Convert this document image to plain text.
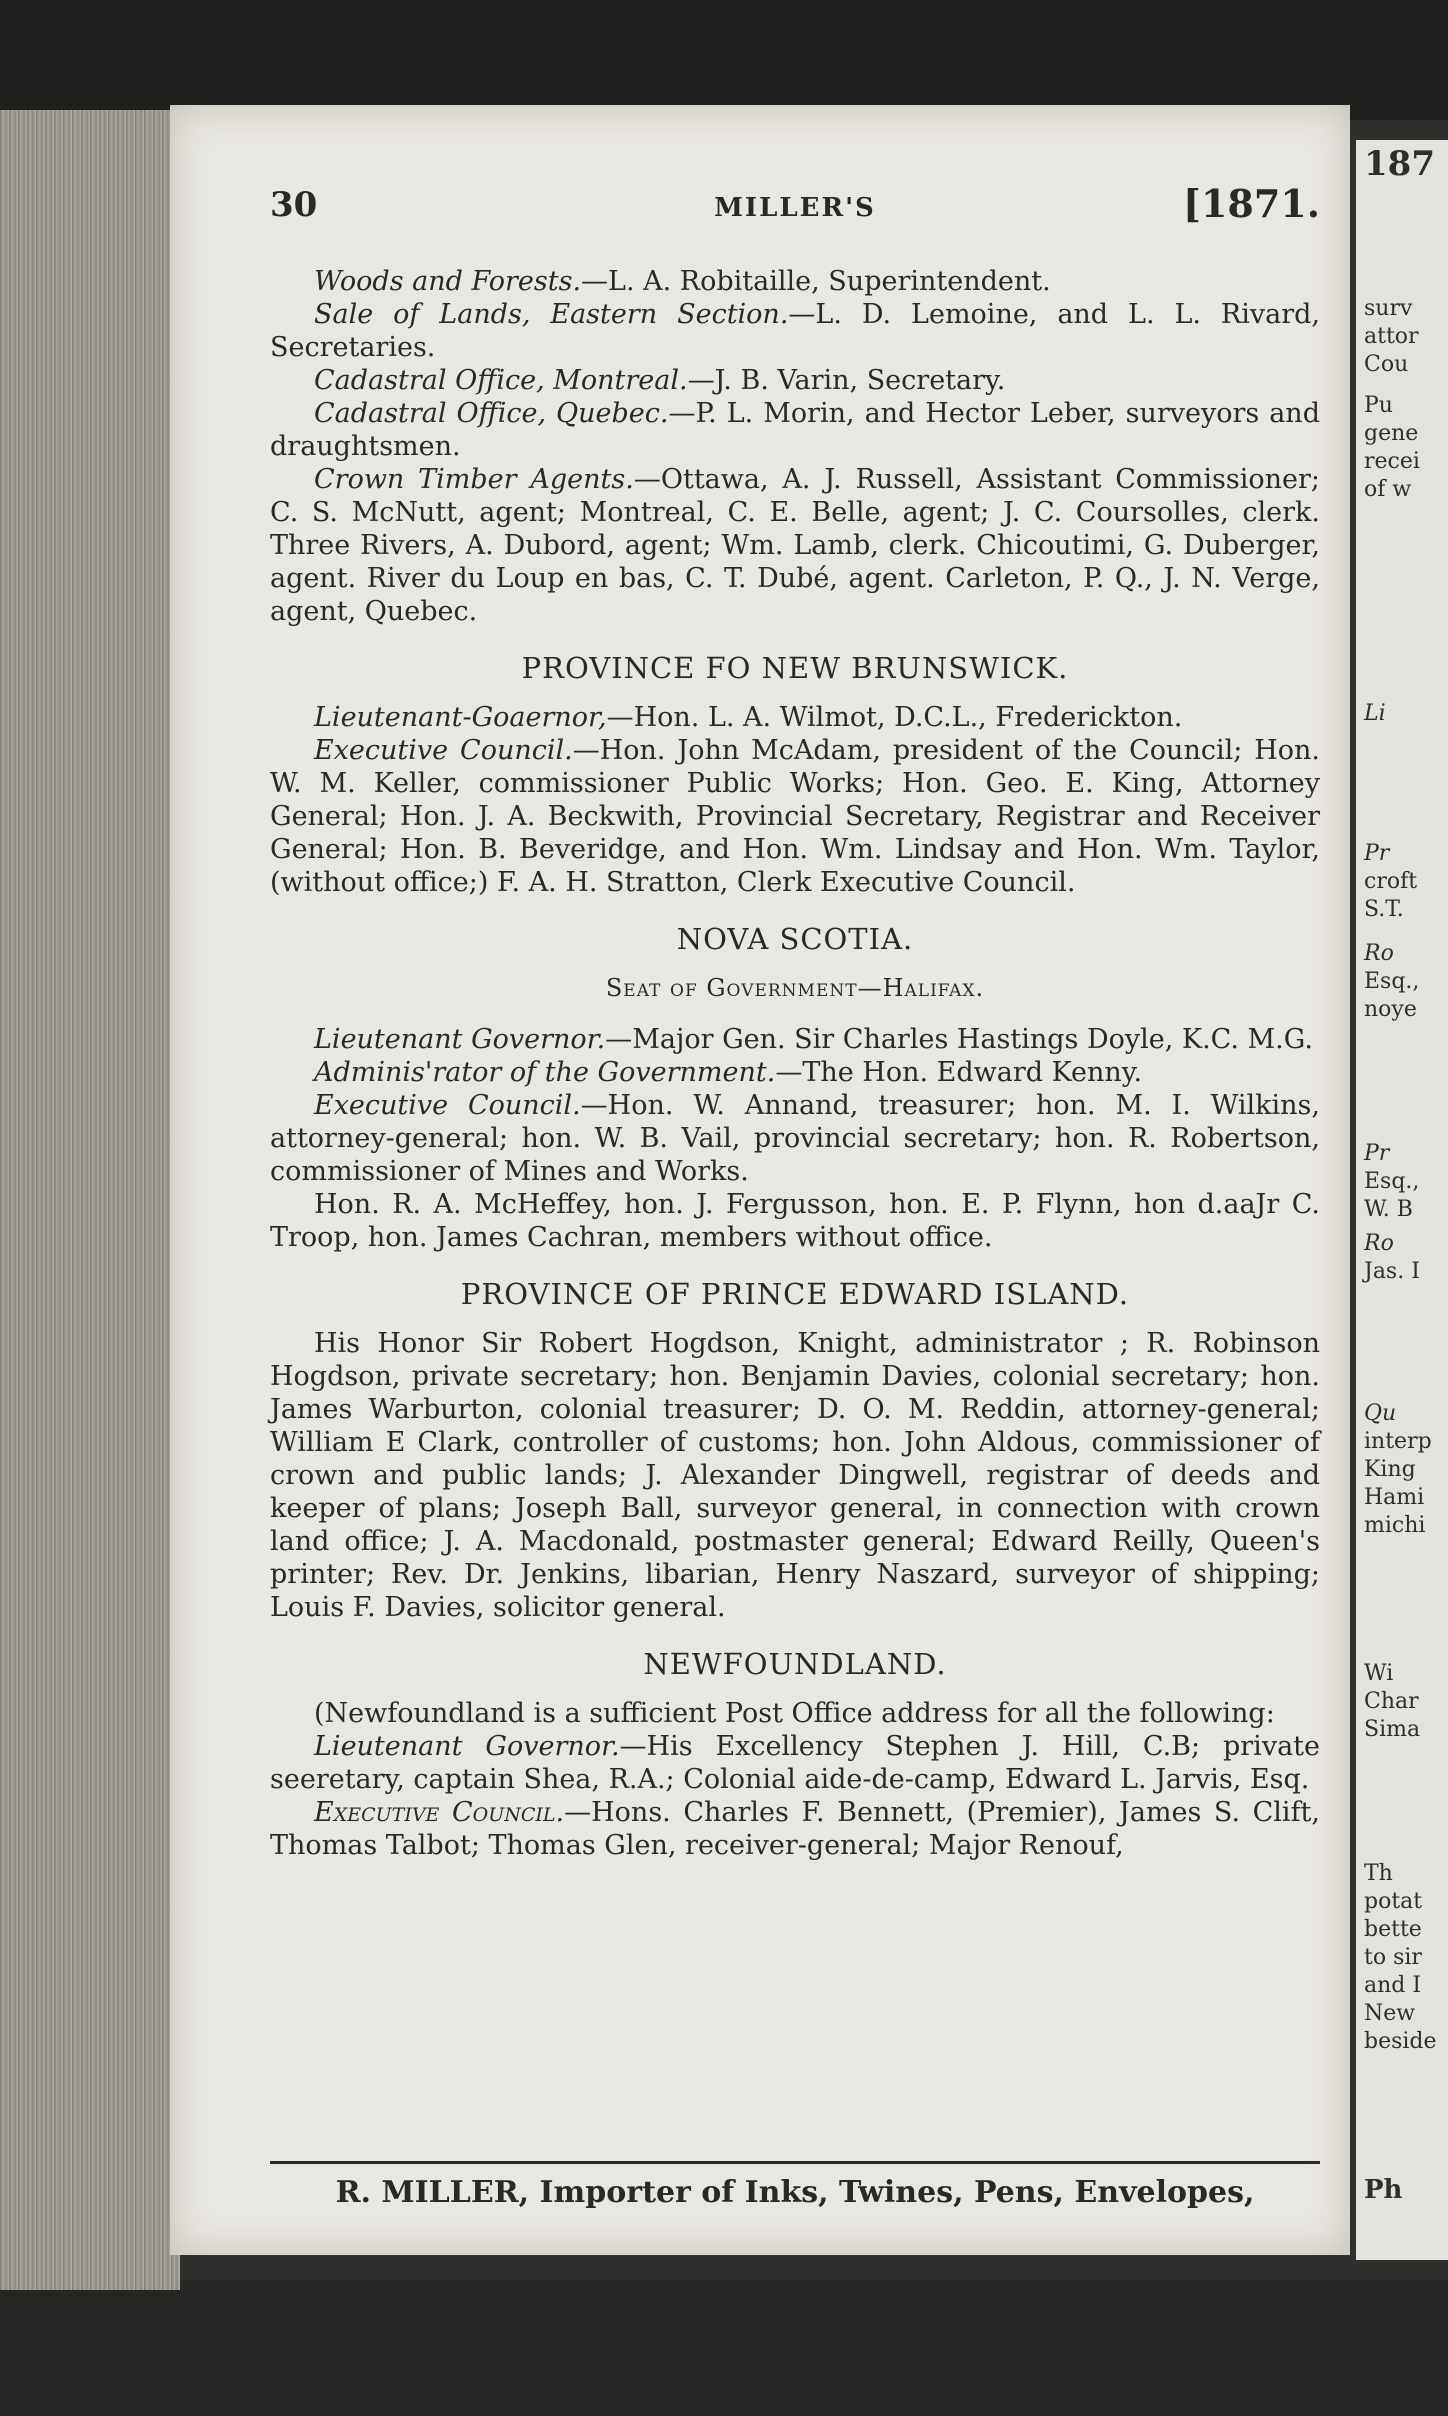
30	MILLER'S	[1871.

Woods and Forests.—L. A. Robitaille, Superintendent.

Sale of Lands, Eastern Section.—L. D. Lemoine, and L. L. Rivard, Secretaries.

Cadastral Office, Montreal.—J. B. Varin, Secretary.

Cadastral Office, Quebec.—P. L. Morin, and Hector Leber, surveyors and draughtsmen.

Crown Timber Agents.—Ottawa, A. J. Russell, Assistant Commissioner; C. S. McNutt, agent; Montreal, C. E. Belle, agent; J. C. Coursolles, clerk. Three Rivers, A. Dubord, agent; Wm. Lamb, clerk. Chicoutimi, G. Duberger, agent. River du Loup en bas, C. T. Dubé, agent. Carleton, P. Q., J. N. Verge, agent, Quebec.

PROVINCE FO NEW BRUNSWICK.

Lieutenant-Goaernor,—Hon. L. A. Wilmot, D.C.L., Frederickton.

Executive Council.—Hon. John McAdam, president of the Council; Hon. W. M. Keller, commissioner Public Works; Hon. Geo. E. King, Attorney General; Hon. J. A. Beckwith, Provincial Secretary, Registrar and Receiver General; Hon. B. Beveridge, and Hon. Wm. Lindsay and Hon. Wm. Taylor, (without office;) F. A. H. Stratton, Clerk Executive Council.

NOVA SCOTIA.
Seat of Government—Halifax.

Lieutenant Governor.—Major Gen. Sir Charles Hastings Doyle, K.C. M.G.

Adminis'rator of the Government.—The Hon. Edward Kenny.

Executive Council.—Hon. W. Annand, treasurer; hon. M. I. Wilkins, attorney-general; hon. W. B. Vail, provincial secretary; hon. R. Robertson, commissioner of Mines and Works.

Hon. R. A. McHeffey, hon. J. Fergusson, hon. E. P. Flynn, hon d.aaJr C. Troop, hon. James Cachran, members without office.

PROVINCE OF PRINCE EDWARD ISLAND.

His Honor Sir Robert Hogdson, Knight, administrator ; R. Robinson Hogdson, private secretary; hon. Benjamin Davies, colonial secretary; hon. James Warburton, colonial treasurer; D. O. M. Reddin, attorney-general; William E Clark, controller of customs; hon. John Aldous, commissioner of crown and public lands; J. Alexander Dingwell, registrar of deeds and keeper of plans; Joseph Ball, surveyor general, in connection with crown land office; J. A. Macdonald, postmaster general; Edward Reilly, Queen's printer; Rev. Dr. Jenkins, libarian, Henry Naszard, surveyor of shipping; Louis F. Davies, solicitor general.

NEWFOUNDLAND.

(Newfoundland is a sufficient Post Office address for all the following:

Lieutenant Governor.—His Excellency Stephen J. Hill, C.B; private seeretary, captain Shea, R.A.; Colonial aide-de-camp, Edward L. Jarvis, Esq.

Executive Council.—Hons. Charles F. Bennett, (Premier), James S. Clift, Thomas Talbot; Thomas Glen, receiver-general; Major Renouf,

R. MILLER, Importer of Inks, Twines, Pens, Envelopes,
187
surv
attor
Cou
Pu
gene
recei
of w
Li
Pr
croft
S.T.
Ro
Esq.,
noye
Pr
Esq.,
W. B
Ro
Jas. I
Qu
interp
King
Hami
michi
Wi
Char
Sima
Th
potat
bette
to sir
and I
New
beside
Ph
